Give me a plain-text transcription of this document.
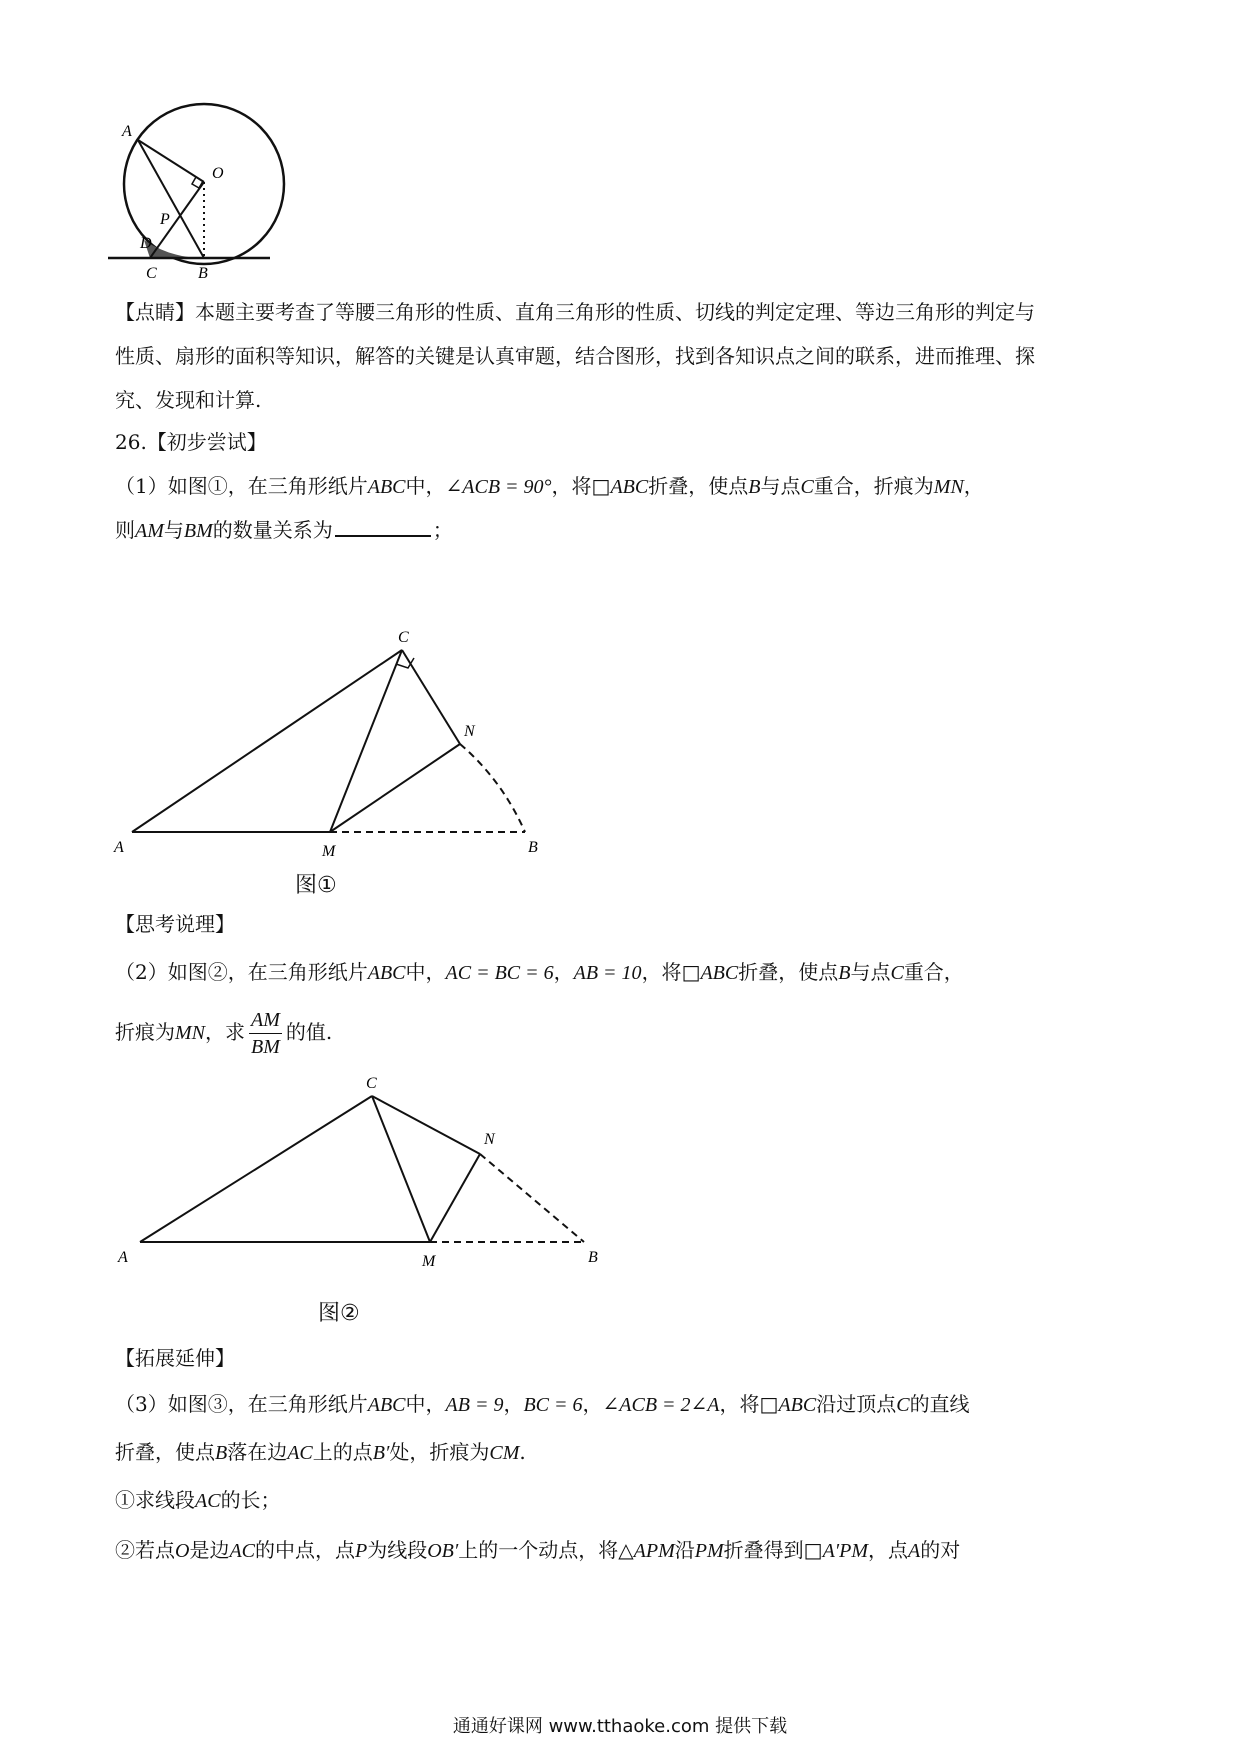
A
O
P
D
C	B
【点睛】本题主要考查了等腰三角形的性质、直角三角形的性质、切线的判定定理、等边三角形的判定与
性质、扇形的面积等知识，解答的关键是认真审题，结合图形，找到各知识点之间的联系，进而推理、探
究、发现和计算.
26.【初步尝试】
（1）如图①，在三角形纸片ABC中，∠ACB = 90°，将□ABC折叠，使点B与点C重合，折痕为MN，
则AM与BM的数量关系为	；
A	M	B
C
N
图①
【思考说理】
（2）如图②，在三角形纸片ABC中，AC = BC = 6，AB = 10，将□ABC折叠，使点B与点C重合，
折痕为MN，求 $\frac{AM}{BM}$ 的值.
A	M	B
C
N
图②
【拓展延伸】
（3）如图③，在三角形纸片ABC中，AB = 9，BC = 6，∠ACB = 2∠A，将□ABC沿过顶点C的直线
折叠，使点B落在边AC上的点B′处，折痕为CM.
①求线段AC的长；
②若点O是边AC的中点，点P为线段OB′上的一个动点，将△APM沿PM折叠得到□A′PM，点A的对
通通好课网 www.tthaoke.com 提供下载
